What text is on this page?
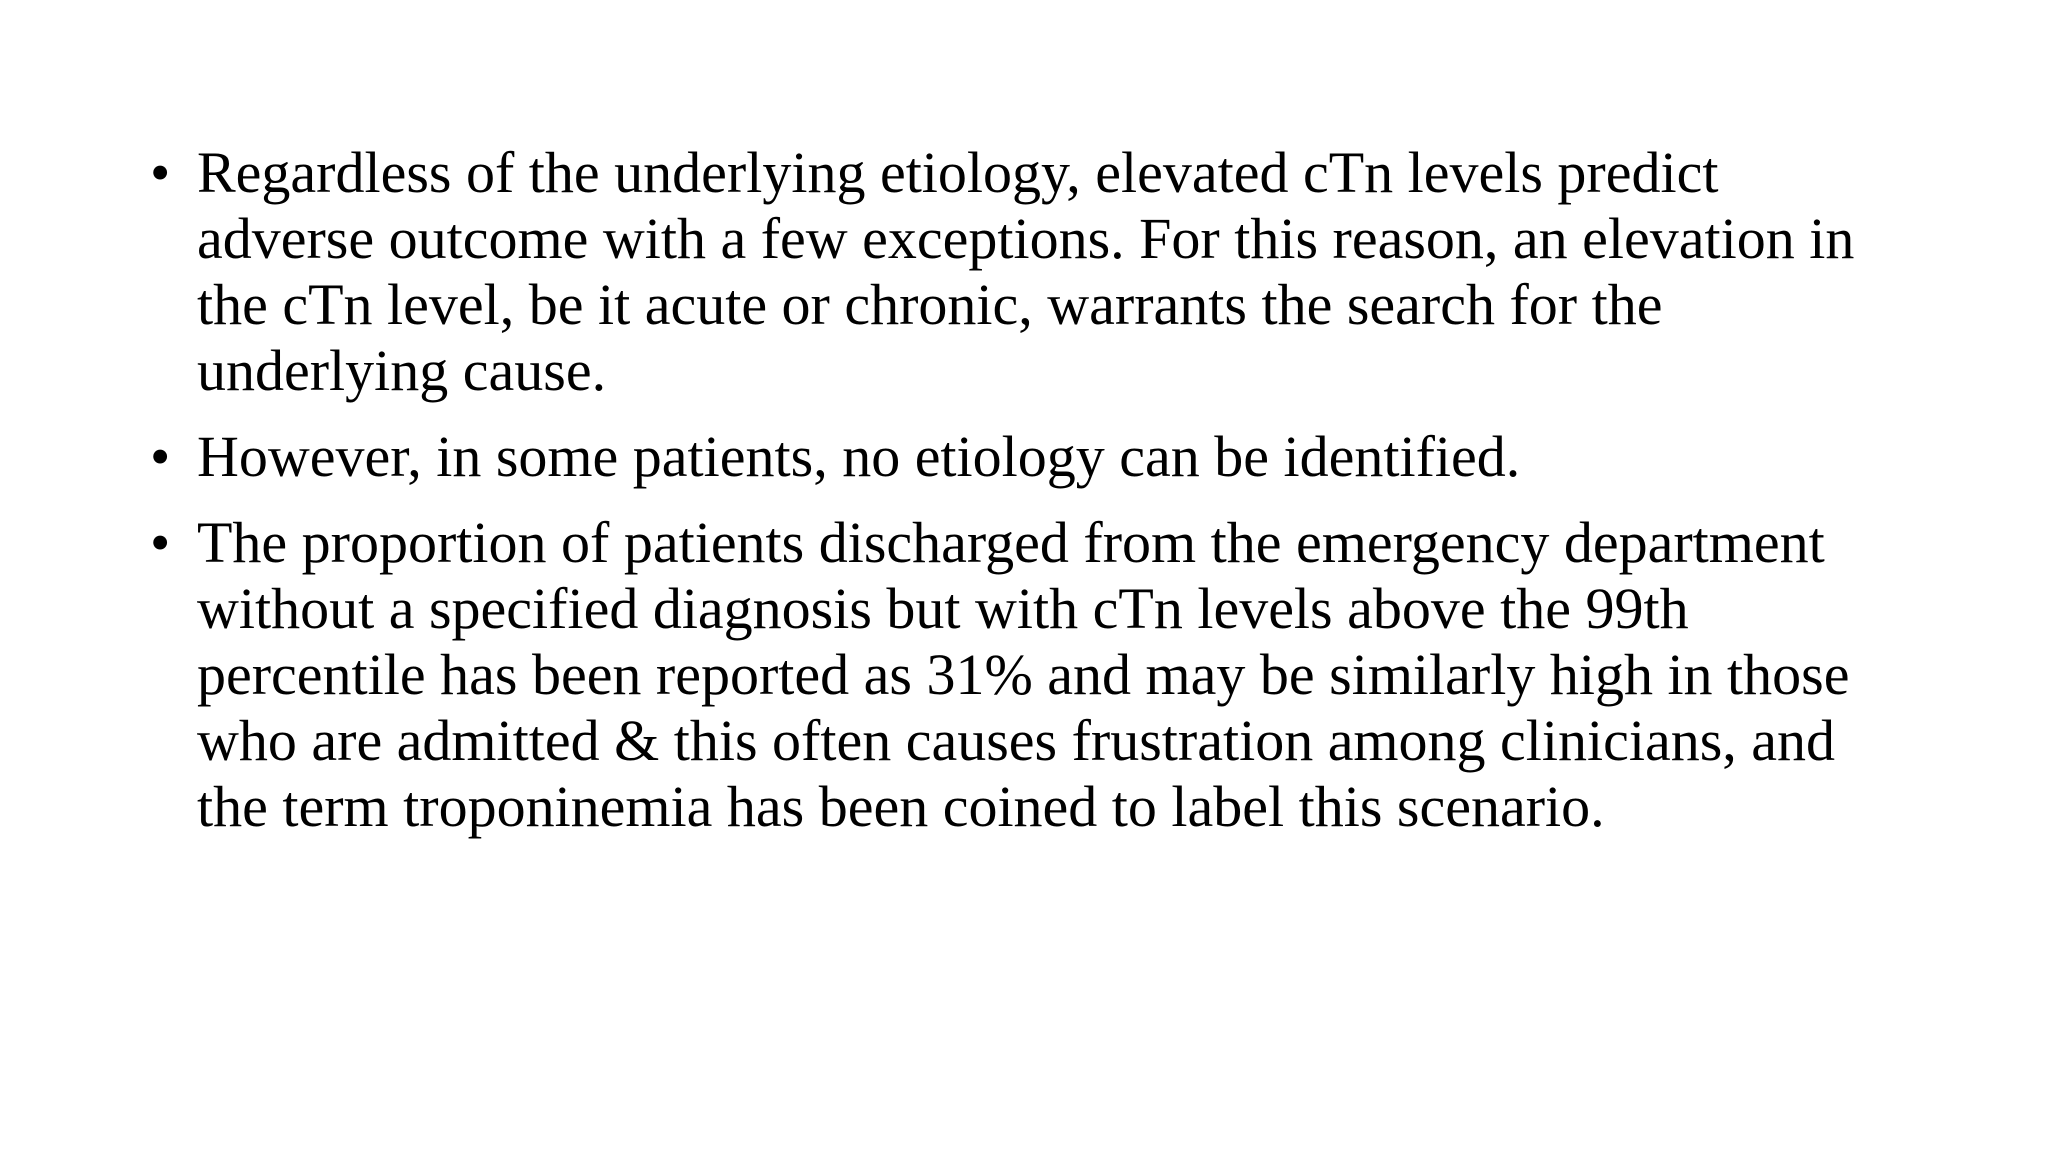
• Regardless of the underlying etiology, elevated cTn levels predict adverse outcome with a few exceptions. For this reason, an elevation in the cTn level, be it acute or chronic, warrants the search for the underlying cause.
• However, in some patients, no etiology can be identified.
• The proportion of patients discharged from the emergency department without a specified diagnosis but with cTn levels above the 99th percentile has been reported as 31% and may be similarly high in those who are admitted & this often causes frustration among clinicians, and the term troponinemia has been coined to label this scenario.
